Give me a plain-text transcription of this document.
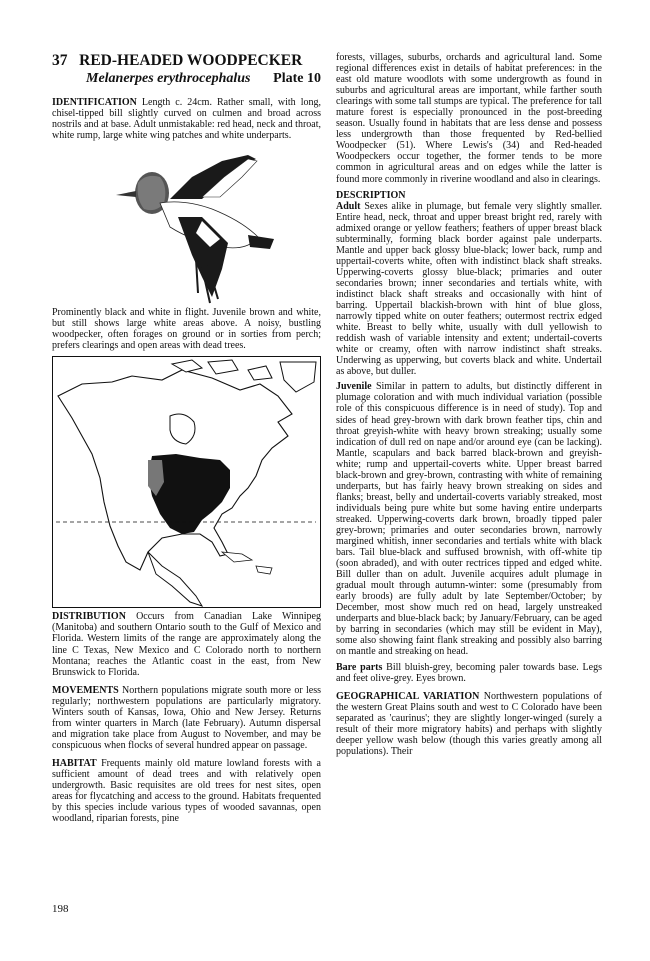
37 RED-HEADED WOODPECKER
Melanerpes erythrocephalus Plate 10

IDENTIFICATION Length c. 24cm. Rather small, with long, chisel-tipped bill slightly curved on culmen and broad across nostrils and at base. Adult unmistakable: red head, neck and throat, white rump, large white wing patches and white underparts.

Prominently black and white in flight. Juvenile brown and white, but still shows large white areas above. A noisy, bustling woodpecker, often forages on ground or in sorties from perch; prefers clearings and open areas with dead trees.

DISTRIBUTION Occurs from Canadian Lake Winnipeg (Manitoba) and southern Ontario south to the Gulf of Mexico and Florida. Western limits of the range are approximately along the line C Texas, New Mexico and C Colorado north to northern Montana; reaches the Atlantic coast in the east, from New Brunswick to Florida.

MOVEMENTS Northern populations migrate south more or less regularly; northwestern populations are particularly migratory. Winters south of Kansas, Iowa, Ohio and New Jersey. Returns from winter quarters in March (late February). Autumn dispersal and migration take place from August to November, and may be conspicuous when flocks of several hundred appear on passage.

HABITAT Frequents mainly old mature lowland forests with a sufficient amount of dead trees and with relatively open undergrowth. Basic requisites are old trees for nest sites, open areas for flycatching and access to the ground. Habitats frequented by this species include various types of wooded savannas, open woodland, riparian forests, pine

forests, villages, suburbs, orchards and agricultural land. Some regional differences exist in details of habitat preferences: in the east old mature woodlots with some undergrowth as found in suburbs and agricultural areas are important, while farther south clearings with some tall stumps are typical. The preference for tall mature forest is especially pronounced in the post-breeding season. Usually found in habitats that are less dense and possess less undergrowth than those frequented by Red-bellied Woodpecker (51). Where Lewis's (34) and Red-headed Woodpeckers occur together, the former tends to be more common in agricultural areas and on edges while the latter is found more commonly in riverine woodland and also in clearings.

DESCRIPTION

Adult Sexes alike in plumage, but female very slightly smaller. Entire head, neck, throat and upper breast bright red, rarely with admixed orange or yellow feathers; feathers of upper breast black subterminally, forming black border against pale underparts. Mantle and upper back glossy blue-black; lower back, rump and uppertail-coverts white, often with indistinct black shaft streaks. Upperwing-coverts glossy blue-black; primaries and outer secondaries brown; inner secondaries and tertials white, with indistinct black shaft streaks and occasionally with hint of barring. Uppertail blackish-brown with hint of blue gloss, narrowly tipped white on outer feathers; outermost rectrix edged white. Breast to belly white, usually with dull yellowish to reddish wash of variable intensity and extent; undertail-coverts white or creamy, often with narrow indistinct shaft streaks. Underwing as upperwing, but coverts black and white. Undertail as above, but duller.

Juvenile Similar in pattern to adults, but distinctly different in plumage coloration and with much individual variation (possible role of this conspicuous difference is in need of study). Top and sides of head grey-brown with dark brown feather tips, chin and throat greyish-white with heavy brown streaking; usually some indication of dull red on nape and/or around eye (can be lacking). Mantle, scapulars and back barred black-brown and greyish-white; rump and uppertail-coverts white. Upper breast barred black-brown and grey-brown, contrasting with white of remaining underparts, but has fairly heavy brown streaking on sides and flanks; breast, belly and undertail-coverts variably streaked, most individuals being pure white but some having entire underparts streaked. Upperwing-coverts dark brown, broadly tipped paler grey-brown; primaries and outer secondaries brown, narrowly margined whitish, inner secondaries and tertials white with black bars. Tail blue-black and suffused brownish, with off-white tip (soon abraded), and with outer rectrices tipped and edged white. Bill duller than on adult. Juvenile acquires adult plumage in gradual moult through autumn-winter: some (presumably from early broods) are fully adult by late September/October; by December, most show much red on head, largely unstreaked underparts and blue-black back; by January/February, can be aged by barring in secondaries (which may still be evident in May), some also showing faint flank streaking and possibly also barring on mantle and streaking on head.

Bare parts Bill bluish-grey, becoming paler towards base. Legs and feet olive-grey. Eyes brown.

GEOGRAPHICAL VARIATION Northwestern populations of the western Great Plains south and west to C Colorado have been separated as 'caurinus'; they are slightly longer-winged (surely a result of their more migratory habits) and perhaps with slightly deeper yellow wash below (though this varies greatly among all populations). Their

198
